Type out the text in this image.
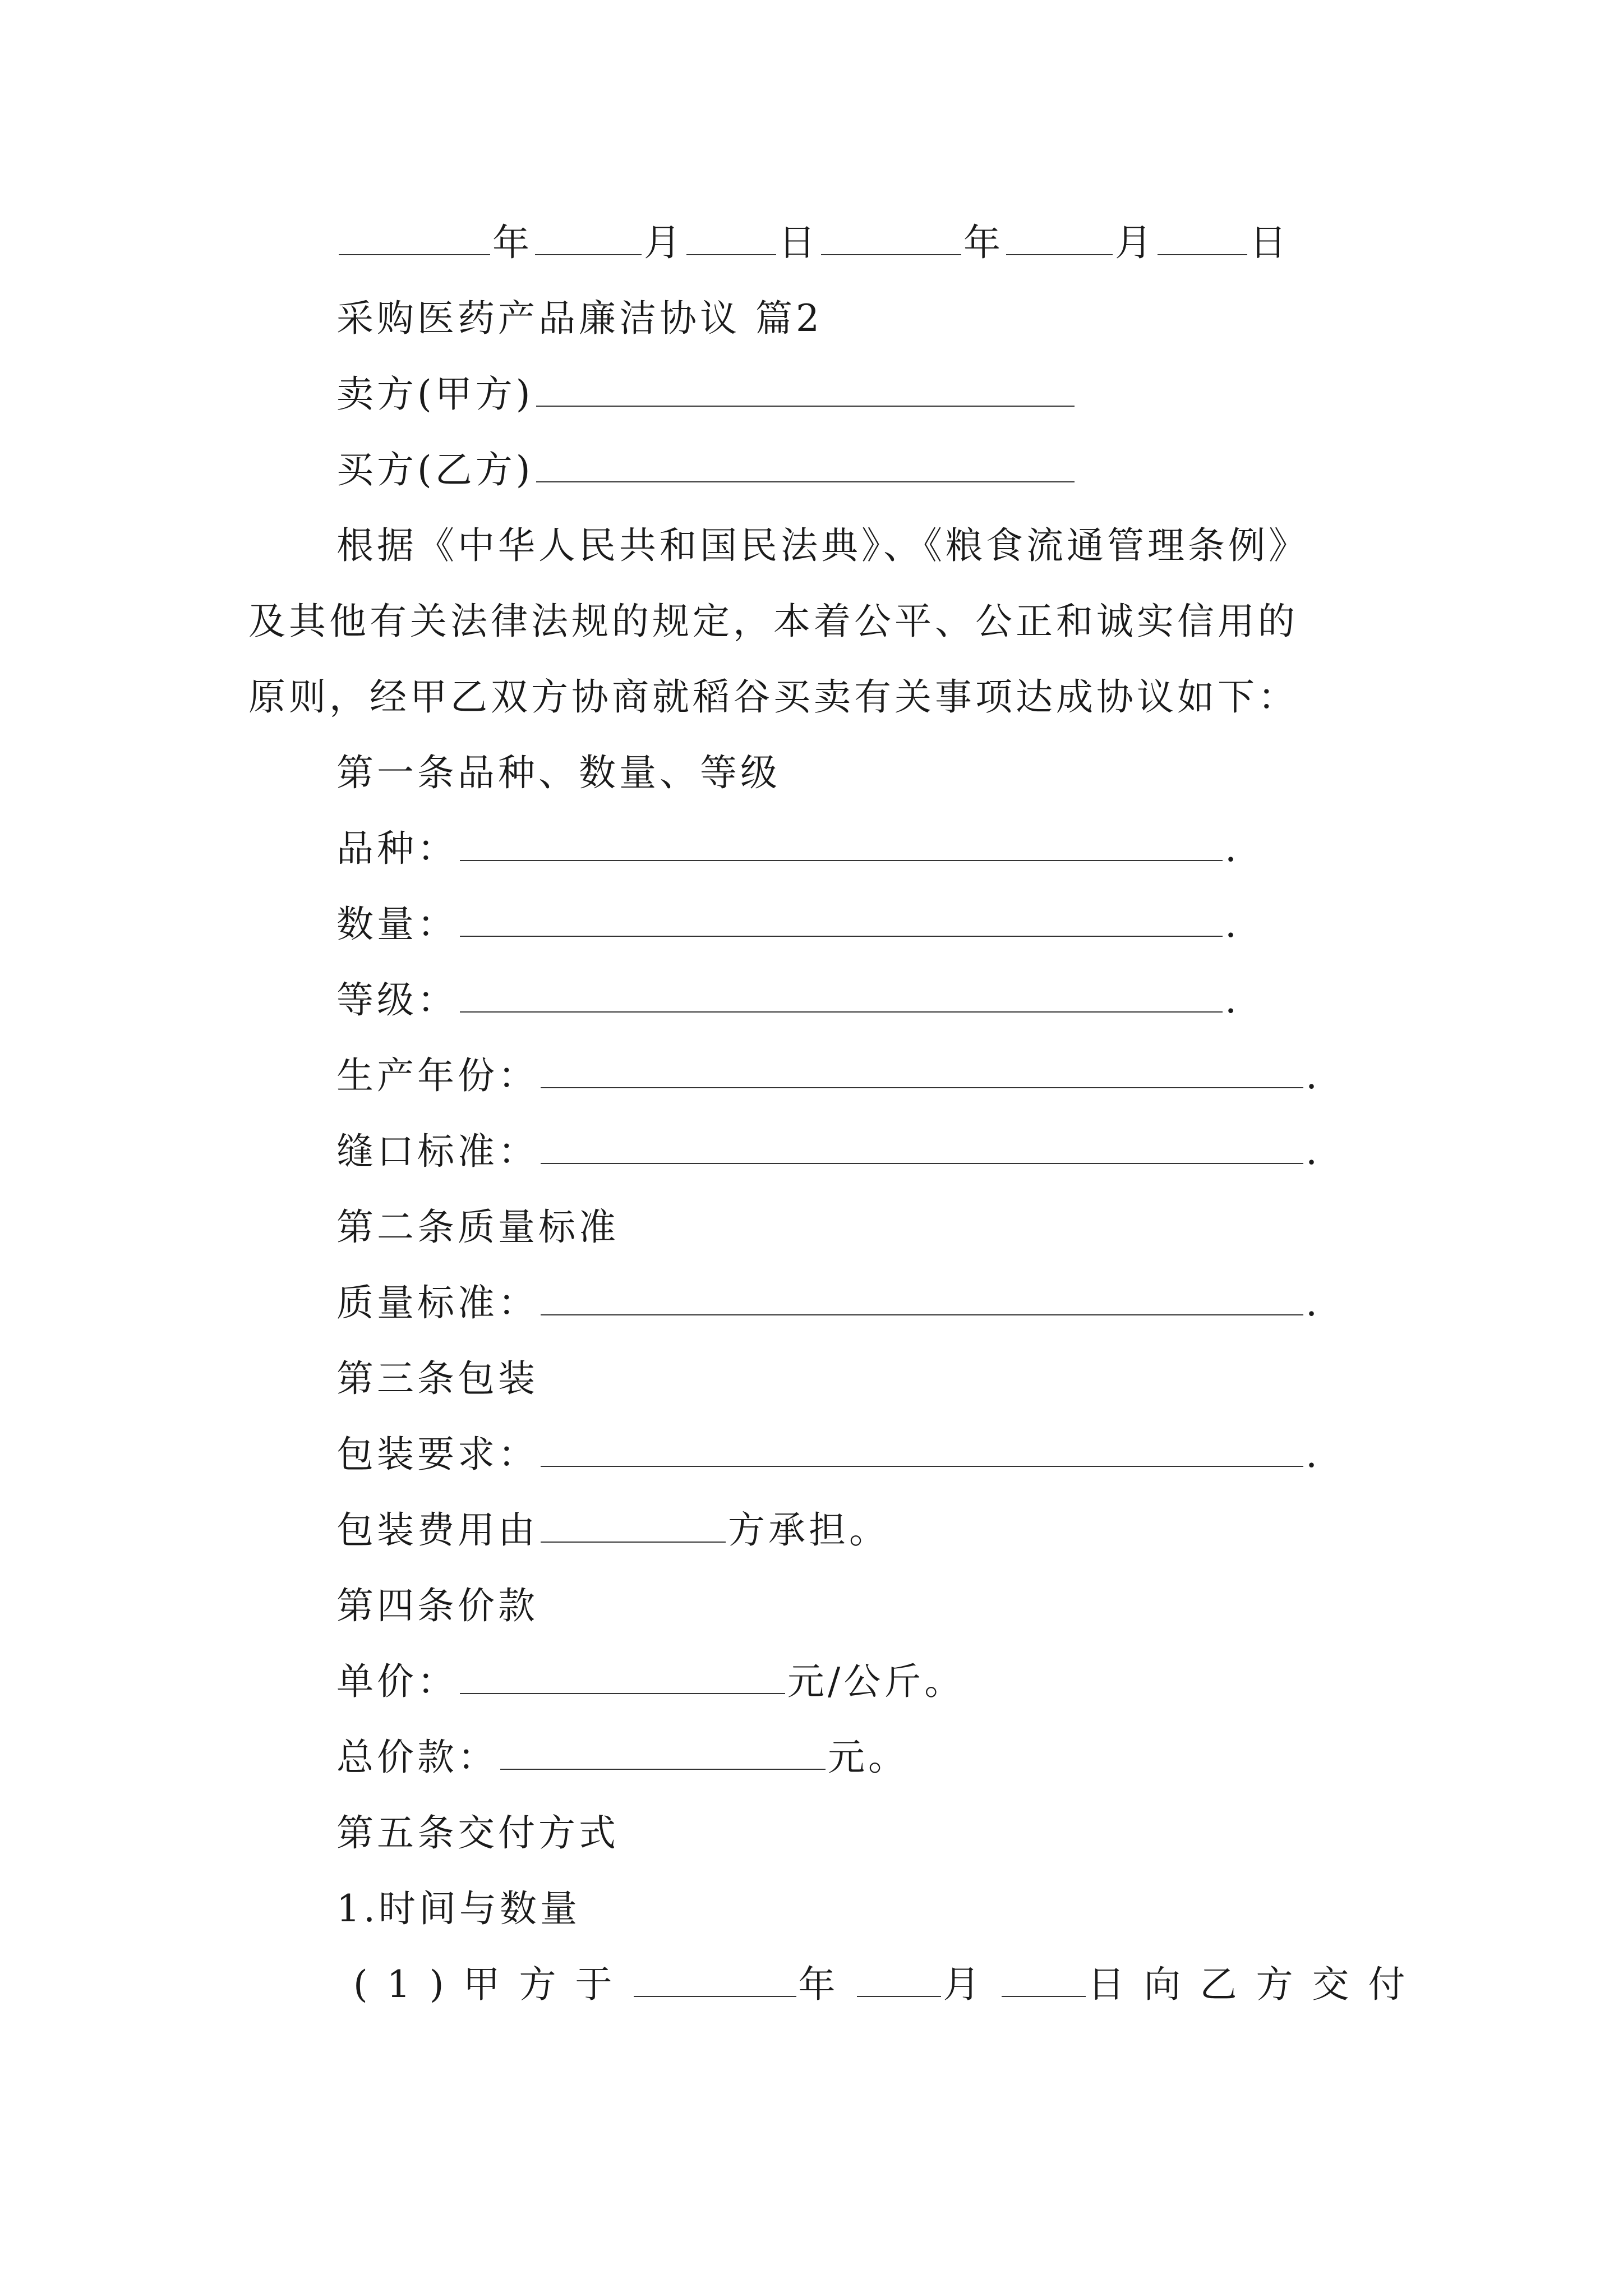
年	月	日	年	月	日
采购医药产品廉洁协议 篇2
卖方(甲方)
买方(乙方)
根据《中华人民共和国民法典》、《粮食流通管理条例》
及其他有关法律法规的规定，本着公平、公正和诚实信用的
原则，经甲乙双方协商就稻谷买卖有关事项达成协议如下：
第一条品种、数量、等级
品种：	.
数量：	.
等级：	.
生产年份：	.
缝口标准：	.
第二条质量标准
质量标准：	.
第三条包装
包装要求：	.
包装费用由	方承担。
第四条价款
单价：	元/公斤。
总价款：	元。
第五条交付方式
1.时间与数量
(1)甲方于	年 月 日向乙方交付
